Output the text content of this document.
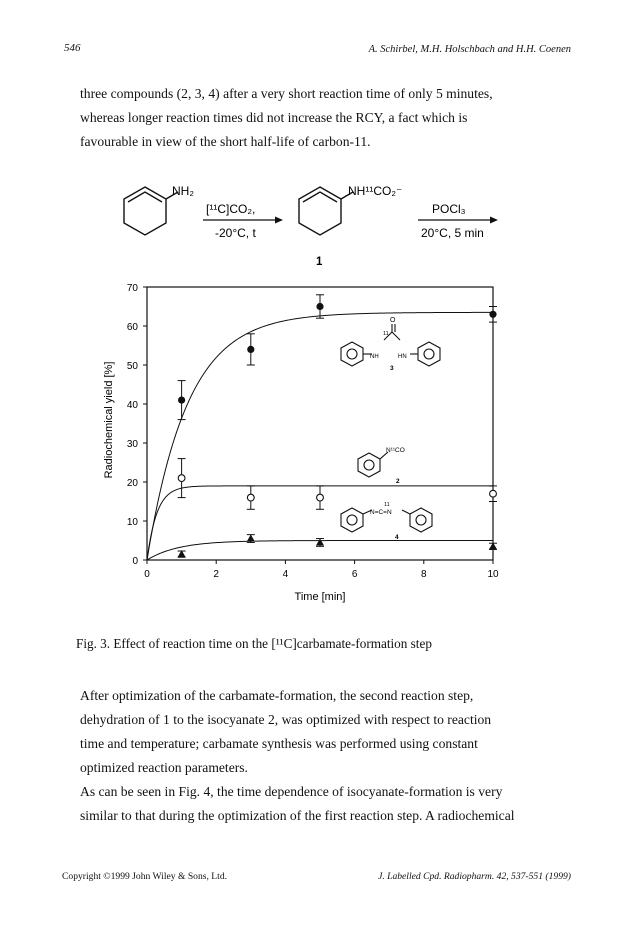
546	A. Schirbel, M.H. Holschbach and H.H. Coenen
three compounds (2, 3, 4) after a very short reaction time of only 5 minutes,
whereas longer reaction times did not increase the RCY, a fact which is
favourable in view of the short half-life of carbon-11.
NH₂
[¹¹C]CO₂,
-20°C, t
NH¹¹CO₂⁻
1
POCl₃
20°C, 5 min
0
10
20
30
40
50
60
70
0	2	4	6	8	10
Radiochemical yield [%]
Time [min]
O
11
NH	HN
3
N¹¹CO
2
11
N=C=N
4
Fig. 3. Effect of reaction time on the [¹¹C]carbamate-formation step
After optimization of the carbamate-formation, the second reaction step,
dehydration of 1 to the isocyanate 2, was optimized with respect to reaction
time and temperature; carbamate synthesis was performed using constant
optimized reaction parameters.
As can be seen in Fig. 4, the time dependence of isocyanate-formation is very
similar to that during the optimization of the first reaction step. A radiochemical
Copyright ©1999 John Wiley & Sons, Ltd.	J. Labelled Cpd. Radiopharm. 42, 537-551 (1999)
